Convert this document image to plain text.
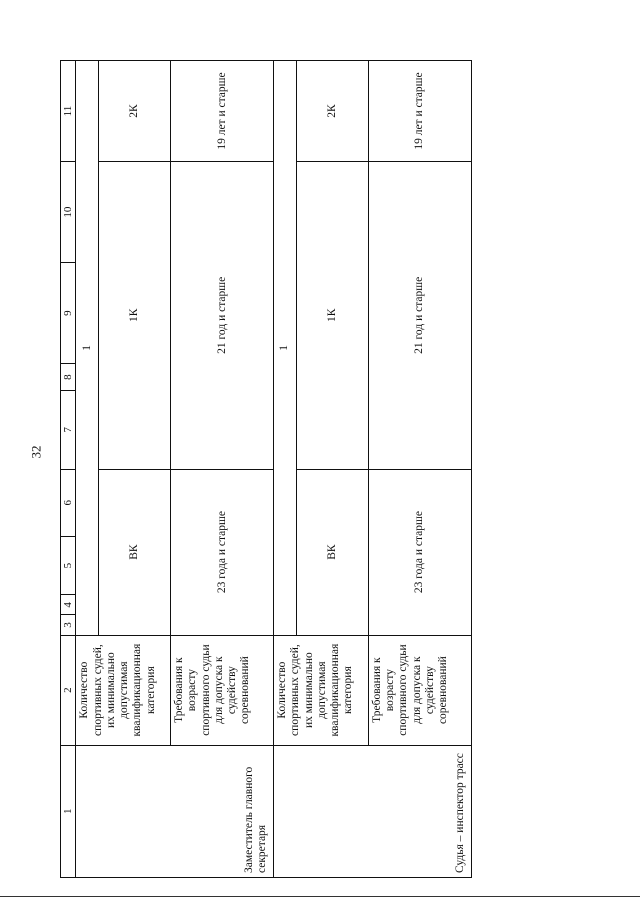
32
1	2	3	4	5	6	7	8	9	10	11
Заместитель главного секретаря	Количество спортивных судей, их минимально допустимая квалификационная категория	1								
		ВК				1К				2К
	Требования к возрасту спортивного судьи для допуска к судейству соревнований	23 года и старше				21 год и старше				19 лет и старше
Судья – инспектор трасс	Количество спортивных судей, их минимально допустимая квалификационная категория	1								
		ВК				1К				2К
	Требования к возрасту спортивного судьи для допуска к судейству соревнований	23 года и старше				21 год и старше				19 лет и старше
